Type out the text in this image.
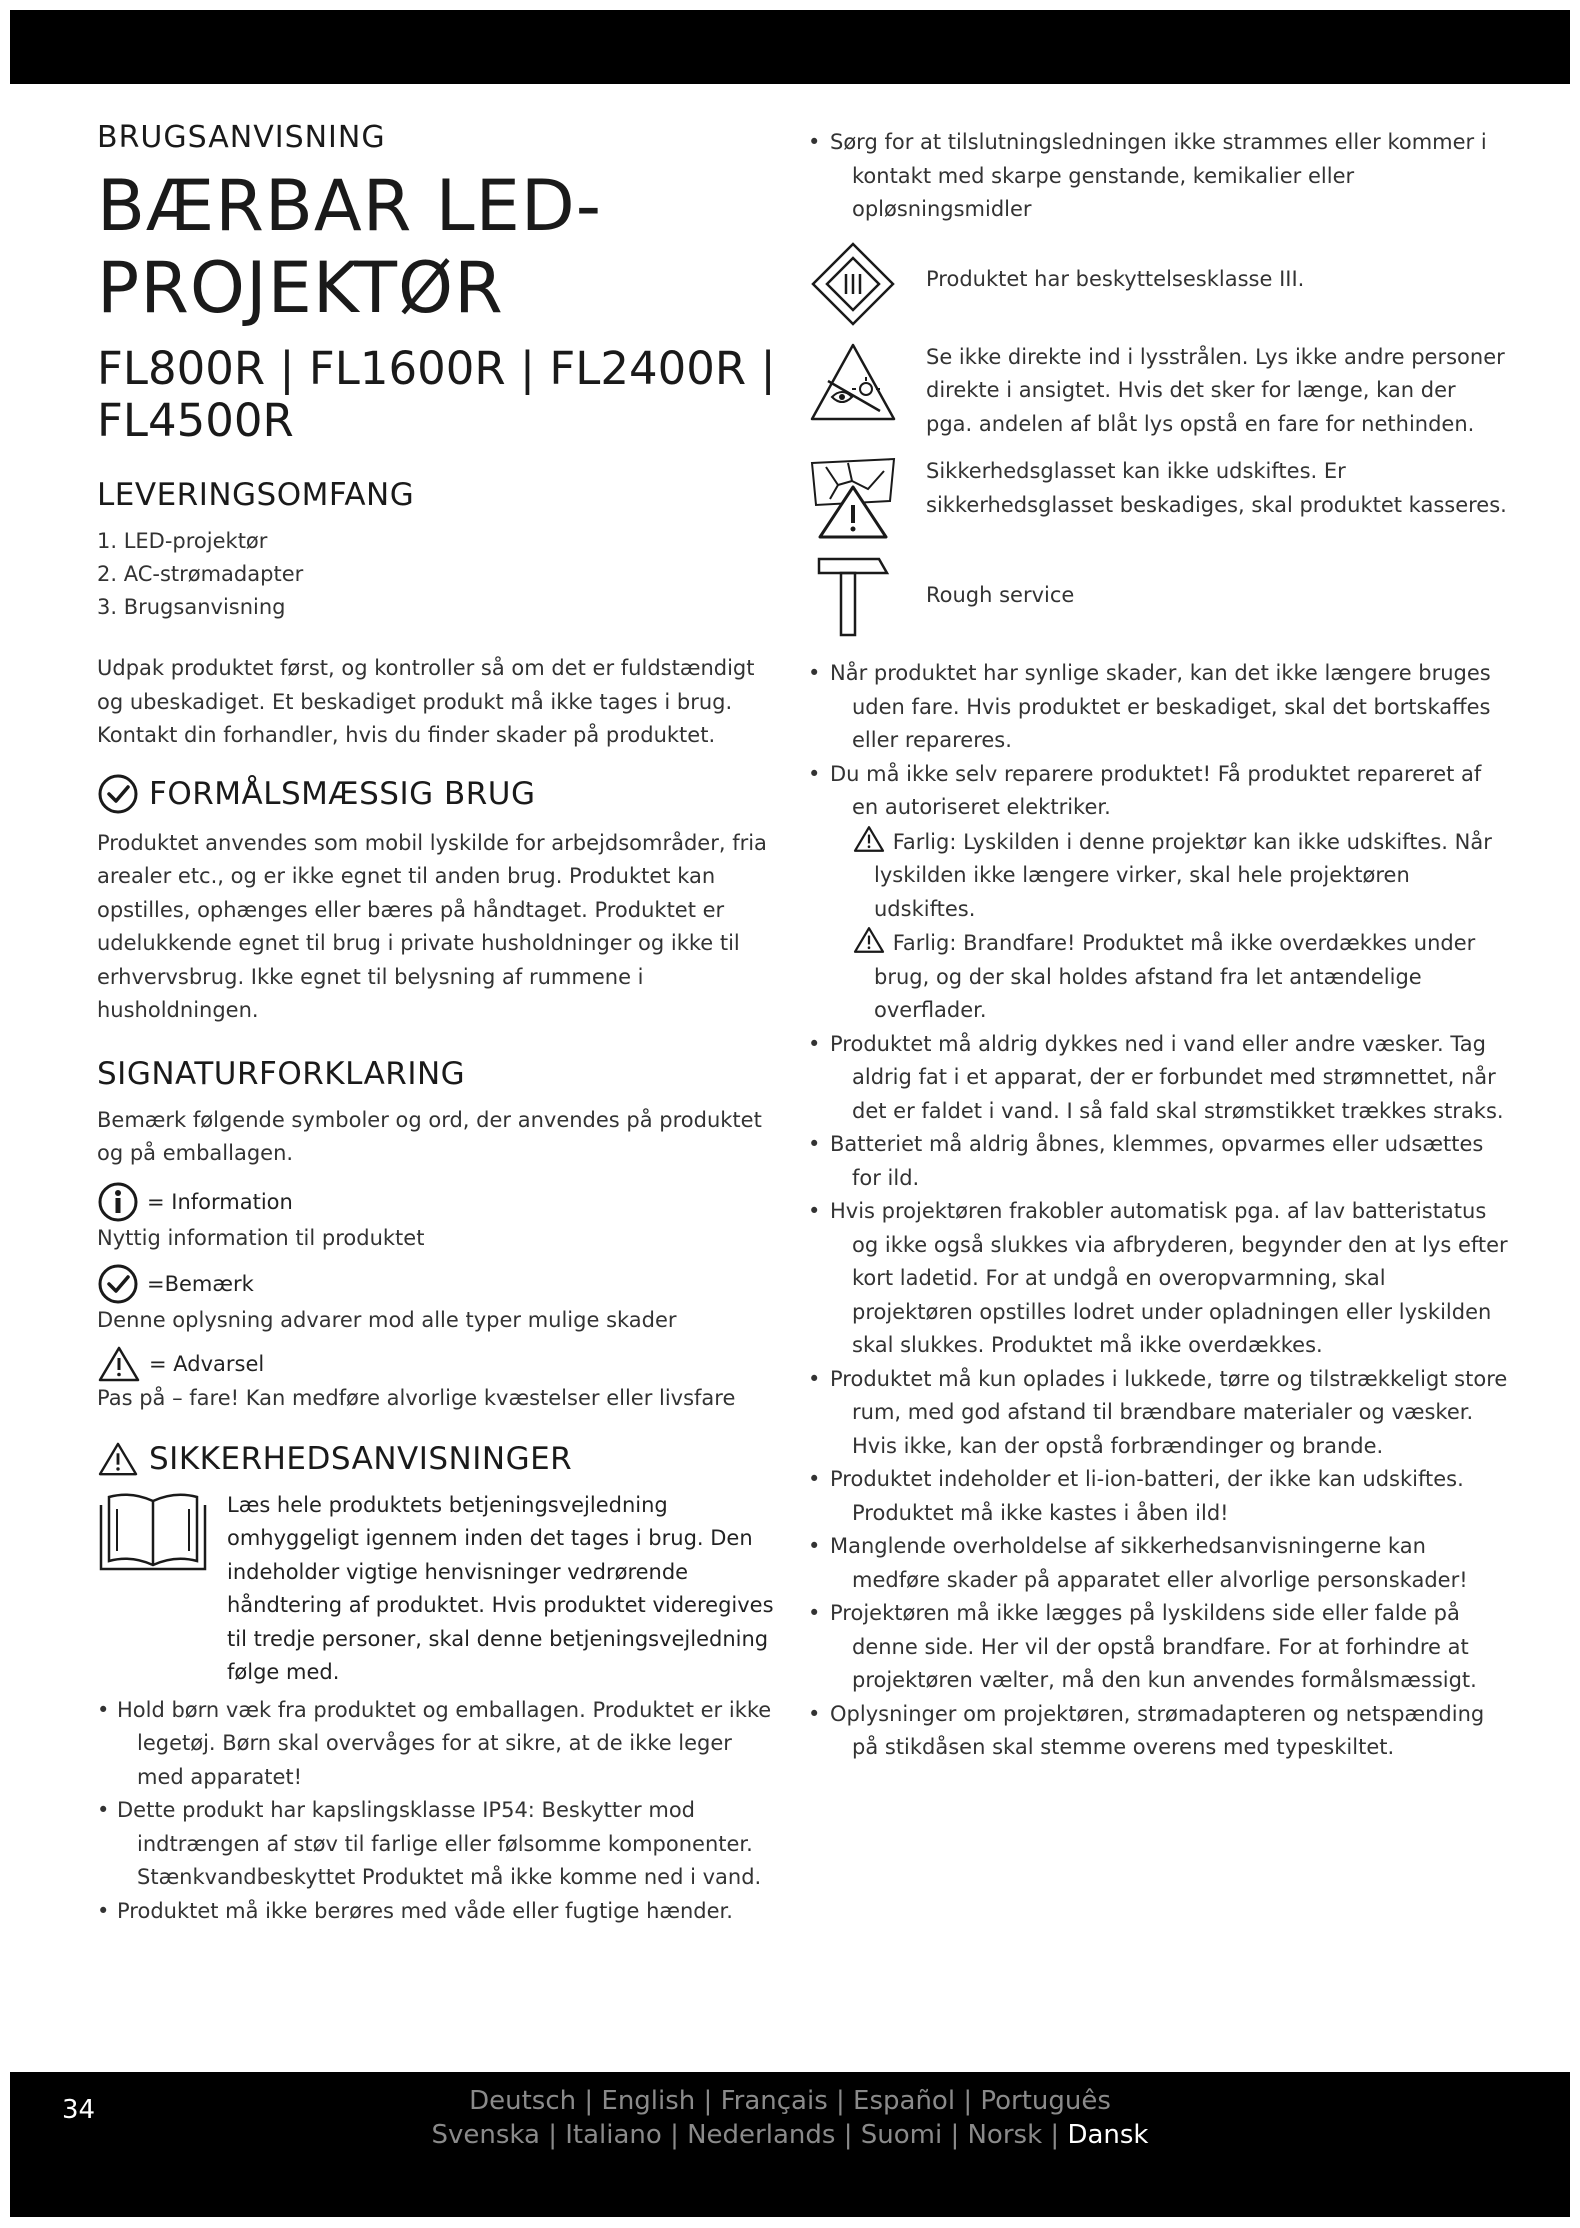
BRUGSANVISNING

BÆRBAR LED-
PROJEKTØR
FL800R | FL1600R | FL2400R |
FL4500R
LEVERINGSOMFANG
1. LED-projektør
2. AC-strømadapter
3. Brugsanvisning

Udpak produktet først, og kontroller så om det er fuldstændigt og ubeskadiget. Et beskadiget produkt må ikke tages i brug. Kontakt din forhandler, hvis du finder skader på produktet.

FORMÅLSMÆSSIG BRUG

Produktet anvendes som mobil lyskilde for arbejdsområder, fria arealer etc., og er ikke egnet til anden brug. Produktet kan opstilles, ophænges eller bæres på håndtaget. Produktet er udelukkende egnet til brug i private husholdninger og ikke til erhvervsbrug. Ikke egnet til belysning af rummene i husholdningen.

SIGNATURFORKLARING

Bemærk følgende symboler og ord, der anvendes på produktet og på emballagen.

= Information
Nyttig information til produktet
=Bemærk
Denne oplysning advarer mod alle typer mulige skader
= Advarsel
Pas på – fare! Kan medføre alvorlige kvæstelser eller livsfare
SIKKERHEDSANVISNINGER
Læs hele produktets betjeningsvejledning omhyggeligt igennem inden det tages i brug. Den indeholder vigtige henvisninger vedrørende håndtering af produktet. Hvis produktet videregives til tredje personer, skal denne betjeningsvejledning følge med.
• Hold børn væk fra produktet og emballagen. Produktet er ikke legetøj. Børn skal overvåges for at sikre, at de ikke leger med apparatet!
• Dette produkt har kapslingsklasse IP54: Beskytter mod indtrængen af støv til farlige eller følsomme komponenter. Stænkvandbeskyttet Produktet må ikke komme ned i vand.
• Produktet må ikke berøres med våde eller fugtige hænder.
• Sørg for at tilslutningsledningen ikke strammes eller kommer i kontakt med skarpe genstande, kemikalier eller opløsningsmidler
Produktet har beskyttelsesklasse III.
Se ikke direkte ind i lysstrålen. Lys ikke andre personer direkte i ansigtet. Hvis det sker for længe, kan der pga. andelen af blåt lys opstå en fare for nethinden.
Sikkerhedsglasset kan ikke udskiftes. Er sikkerhedsglasset beskadiges, skal produktet kasseres.
Rough service
• Når produktet har synlige skader, kan det ikke længere bruges uden fare. Hvis produktet er beskadiget, skal det bortskaffes eller repareres.
• Du må ikke selv reparere produktet! Få produktet repareret af en autoriseret elektriker.
Farlig: Lyskilden i denne projektør kan ikke udskiftes. Når lyskilden ikke længere virker, skal hele projektøren udskiftes.
Farlig: Brandfare! Produktet må ikke overdækkes under brug, og der skal holdes afstand fra let antændelige overflader.
• Produktet må aldrig dykkes ned i vand eller andre væsker. Tag aldrig fat i et apparat, der er forbundet med strømnettet, når det er faldet i vand. I så fald skal strømstikket trækkes straks.
• Batteriet må aldrig åbnes, klemmes, opvarmes eller udsættes for ild.
• Hvis projektøren frakobler automatisk pga. af lav batteristatus og ikke også slukkes via afbryderen, begynder den at lys efter kort ladetid. For at undgå en overopvarmning, skal projektøren opstilles lodret under opladningen eller lyskilden skal slukkes. Produktet må ikke overdækkes.
• Produktet må kun oplades i lukkede, tørre og tilstrækkeligt store rum, med god afstand til brændbare materialer og væsker. Hvis ikke, kan der opstå forbrændinger og brande.
• Produktet indeholder et li-ion-batteri, der ikke kan udskiftes. Produktet må ikke kastes i åben ild!
• Manglende overholdelse af sikkerhedsanvisningerne kan medføre skader på apparatet eller alvorlige personskader!
• Projektøren må ikke lægges på lyskildens side eller falde på denne side. Her vil der opstå brandfare. For at forhindre at projektøren vælter, må den kun anvendes formålsmæssigt.
• Oplysninger om projektøren, strømadapteren og netspænding på stikdåsen skal stemme overens med typeskiltet.
34	Deutsch | English | Français | Español | Português
Svenska | Italiano | Nederlands | Suomi | Norsk | Dansk
